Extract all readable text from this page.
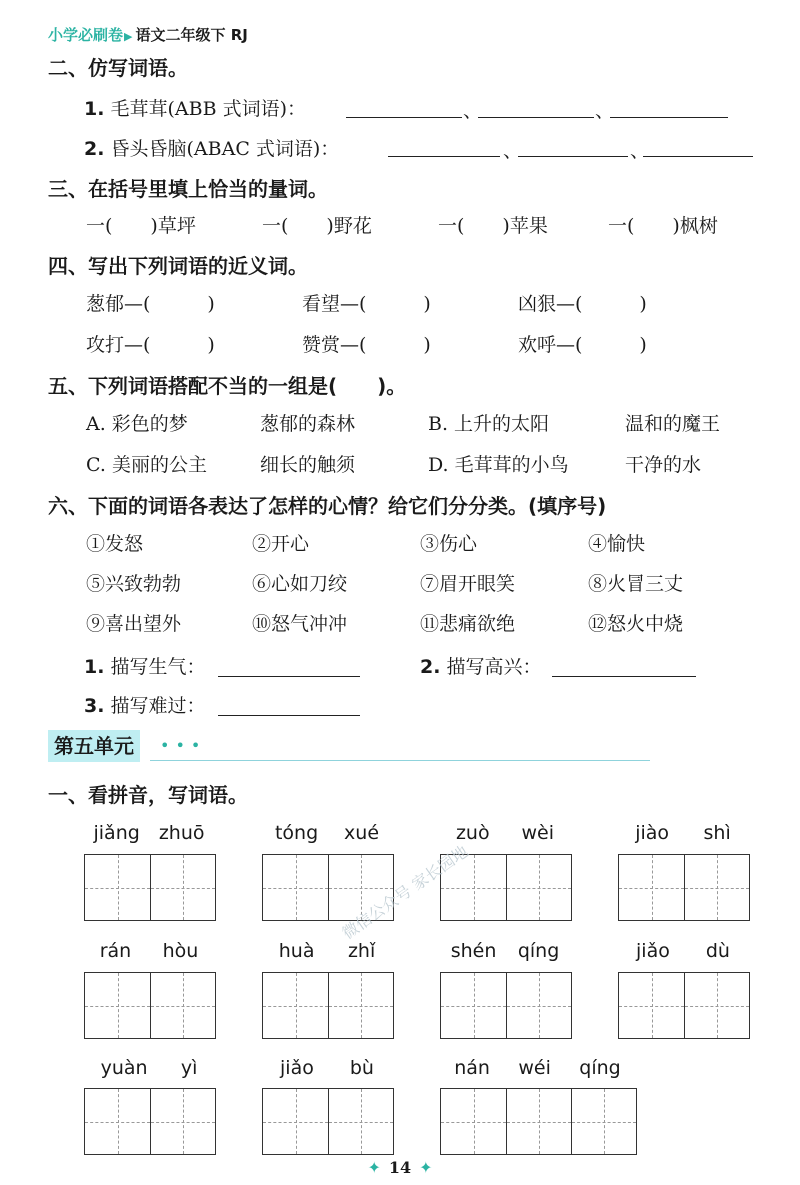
小学必刷卷▶ 语文二年级下 RJ
二、仿写词语。
1. 毛茸茸(ABB 式词语)：	、	、
2. 昏头昏脑(ABAC 式词语)：	、	、
三、在括号里填上恰当的量词。
一(　　)草坪	一(　　)野花	一(　　)苹果	一(　　)枫树
四、写出下列词语的近义词。
葱郁—(　　　)	看望—(　　　)	凶狠—(　　　)
攻打—(　　　)	赞赏—(　　　)	欢呼—(　　　)
五、下列词语搭配不当的一组是(　　)。
A. 彩色的梦	葱郁的森林	B. 上升的太阳	温和的魔王
C. 美丽的公主	细长的触须	D. 毛茸茸的小鸟	干净的水
六、下面的词语各表达了怎样的心情？给它们分分类。(填序号)
①发怒	②开心	③伤心	④愉快
⑤兴致勃勃	⑥心如刀绞	⑦眉开眼笑	⑧火冒三丈
⑨喜出望外	⑩怒气冲冲	⑪悲痛欲绝	⑫怒火中烧
1. 描写生气：	2. 描写高兴：
3. 描写难过：
第五单元	•••
一、看拼音，写词语。
jiǎng zhuō	tóng xué	zuò wèi	jiào shì
rán hòu	huà zhǐ	shén qíng	jiǎo dù
yuàn yì	jiǎo bù	nán wéi qíng
微信公众号 家长园地
✦ 14 ✦
